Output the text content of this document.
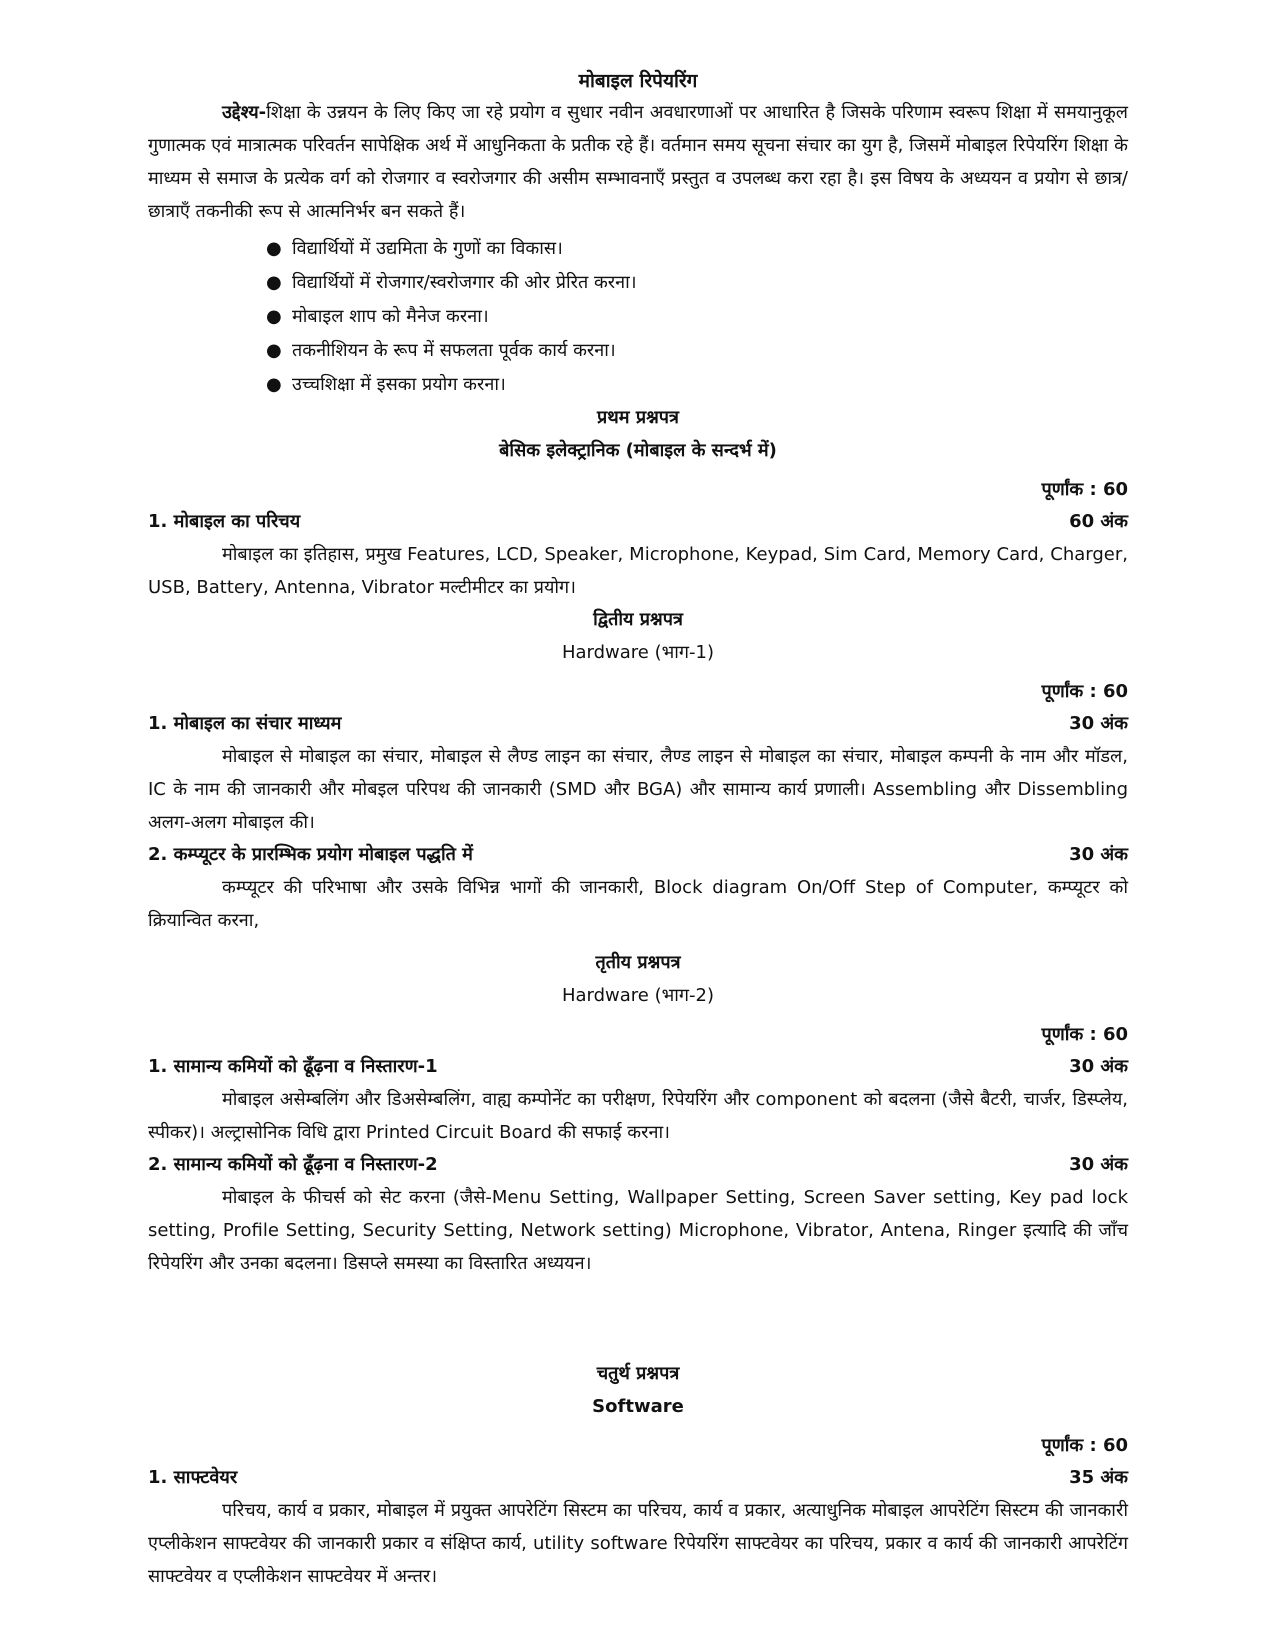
मोबाइल रिपेयरिंग

उद्देश्य-शिक्षा के उन्नयन के लिए किए जा रहे प्रयोग व सुधार नवीन अवधारणाओं पर आधारित है जिसके परिणाम स्वरूप शिक्षा में समयानुकूल गुणात्मक एवं मात्रात्मक परिवर्तन सापेक्षिक अर्थ में आधुनिकता के प्रतीक रहे हैं। वर्तमान समय सूचना संचार का युग है, जिसमें मोबाइल रिपेयरिंग शिक्षा के माध्यम से समाज के प्रत्येक वर्ग को रोजगार व स्वरोजगार की असीम सम्भावनाएँ प्रस्तुत व उपलब्ध करा रहा है। इस विषय के अध्ययन व प्रयोग से छात्र/छात्राएँ तकनीकी रूप से आत्मनिर्भर बन सकते हैं।

● विद्यार्थियों में उद्यमिता के गुणों का विकास।
● विद्यार्थियों में रोजगार/स्वरोजगार की ओर प्रेरित करना।
● मोबाइल शाप को मैनेज करना।
● तकनीशियन के रूप में सफलता पूर्वक कार्य करना।
● उच्चशिक्षा में इसका प्रयोग करना।
प्रथम प्रश्नपत्र
बेसिक इलेक्ट्रानिक (मोबाइल के सन्दर्भ में)
पूर्णांक : 60
1. मोबाइल का परिचय	60 अंक

मोबाइल का इतिहास, प्रमुख Features, LCD, Speaker, Microphone, Keypad, Sim Card, Memory Card, Charger, USB, Battery, Antenna, Vibrator मल्टीमीटर का प्रयोग।

द्वितीय प्रश्नपत्र
Hardware (भाग-1)
पूर्णांक : 60
1. मोबाइल का संचार माध्यम	30 अंक

मोबाइल से मोबाइल का संचार, मोबाइल से लैण्ड लाइन का संचार, लैण्ड लाइन से मोबाइल का संचार, मोबाइल कम्पनी के नाम और मॉडल, IC के नाम की जानकारी और मोबइल परिपथ की जानकारी (SMD और BGA) और सामान्य कार्य प्रणाली। Assembling और Dissembling अलग-अलग मोबाइल की।

2. कम्प्यूटर के प्रारम्भिक प्रयोग मोबाइल पद्धति में	30 अंक

कम्प्यूटर की परिभाषा और उसके विभिन्न भागों की जानकारी, Block diagram On/Off Step of Computer, कम्प्यूटर को क्रियान्वित करना,

तृतीय प्रश्नपत्र
Hardware (भाग-2)
पूर्णांक : 60
1. सामान्य कमियों को ढूँढ़ना व निस्तारण-1	30 अंक

मोबाइल असेम्बलिंग और डिअसेम्बलिंग, वाह्य कम्पोनेंट का परीक्षण, रिपेयरिंग और component को बदलना (जैसे बैटरी, चार्जर, डिस्प्लेय, स्पीकर)। अल्ट्रासोनिक विधि द्वारा Printed Circuit Board की सफाई करना।

2. सामान्य कमियों को ढूँढ़ना व निस्तारण-2	30 अंक

मोबाइल के फीचर्स को सेट करना (जैसे-Menu Setting, Wallpaper Setting, Screen Saver setting, Key pad lock setting, Profile Setting, Security Setting, Network setting) Microphone, Vibrator, Antena, Ringer इत्यादि की जाँच रिपेयरिंग और उनका बदलना। डिसप्ले समस्या का विस्तारित अध्ययन।

चतुर्थ प्रश्नपत्र
Software
पूर्णांक : 60
1. साफ्टवेयर	35 अंक

परिचय, कार्य व प्रकार, मोबाइल में प्रयुक्त आपरेटिंग सिस्टम का परिचय, कार्य व प्रकार, अत्याधुनिक मोबाइल आपरेटिंग सिस्टम की जानकारी एप्लीकेशन साफ्टवेयर की जानकारी प्रकार व संक्षिप्त कार्य, utility software रिपेयरिंग साफ्टवेयर का परिचय, प्रकार व कार्य की जानकारी आपरेटिंग साफ्टवेयर व एप्लीकेशन साफ्टवेयर में अन्तर।
